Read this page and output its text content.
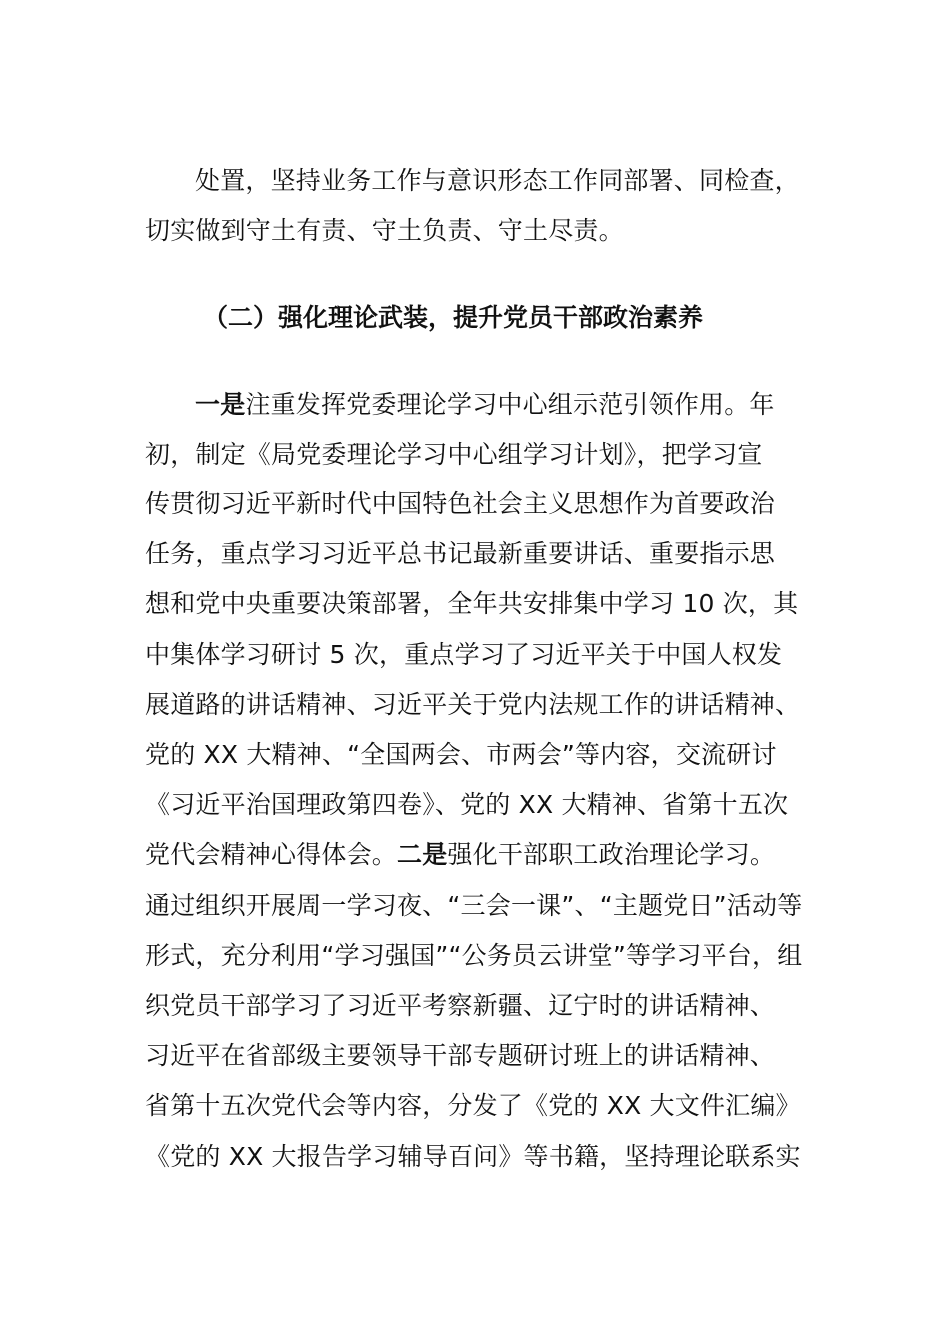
处置，坚持业务工作与意识形态工作同部署、同检查，
切实做到守土有责、守土负责、守土尽责。
（二）强化理论武装，提升党员干部政治素养
一是注重发挥党委理论学习中心组示范引领作用。年
初，制定《局党委理论学习中心组学习计划》，把学习宣
传贯彻习近平新时代中国特色社会主义思想作为首要政治
任务，重点学习习近平总书记最新重要讲话、重要指示思
想和党中央重要决策部署，全年共安排集中学习 10 次，其
中集体学习研讨 5 次，重点学习了习近平关于中国人权发
展道路的讲话精神、习近平关于党内法规工作的讲话精神、
党的 XX 大精神、“全国两会、市两会”等内容，交流研讨
《习近平治国理政第四卷》、党的 XX 大精神、省第十五次
党代会精神心得体会。二是强化干部职工政治理论学习。
通过组织开展周一学习夜、“三会一课”、“主题党日”活动等
形式，充分利用“学习强国”“公务员云讲堂”等学习平台，组
织党员干部学习了习近平考察新疆、辽宁时的讲话精神、
习近平在省部级主要领导干部专题研讨班上的讲话精神、
省第十五次党代会等内容，分发了《党的 XX 大文件汇编》
《党的 XX 大报告学习辅导百问》等书籍，坚持理论联系实
